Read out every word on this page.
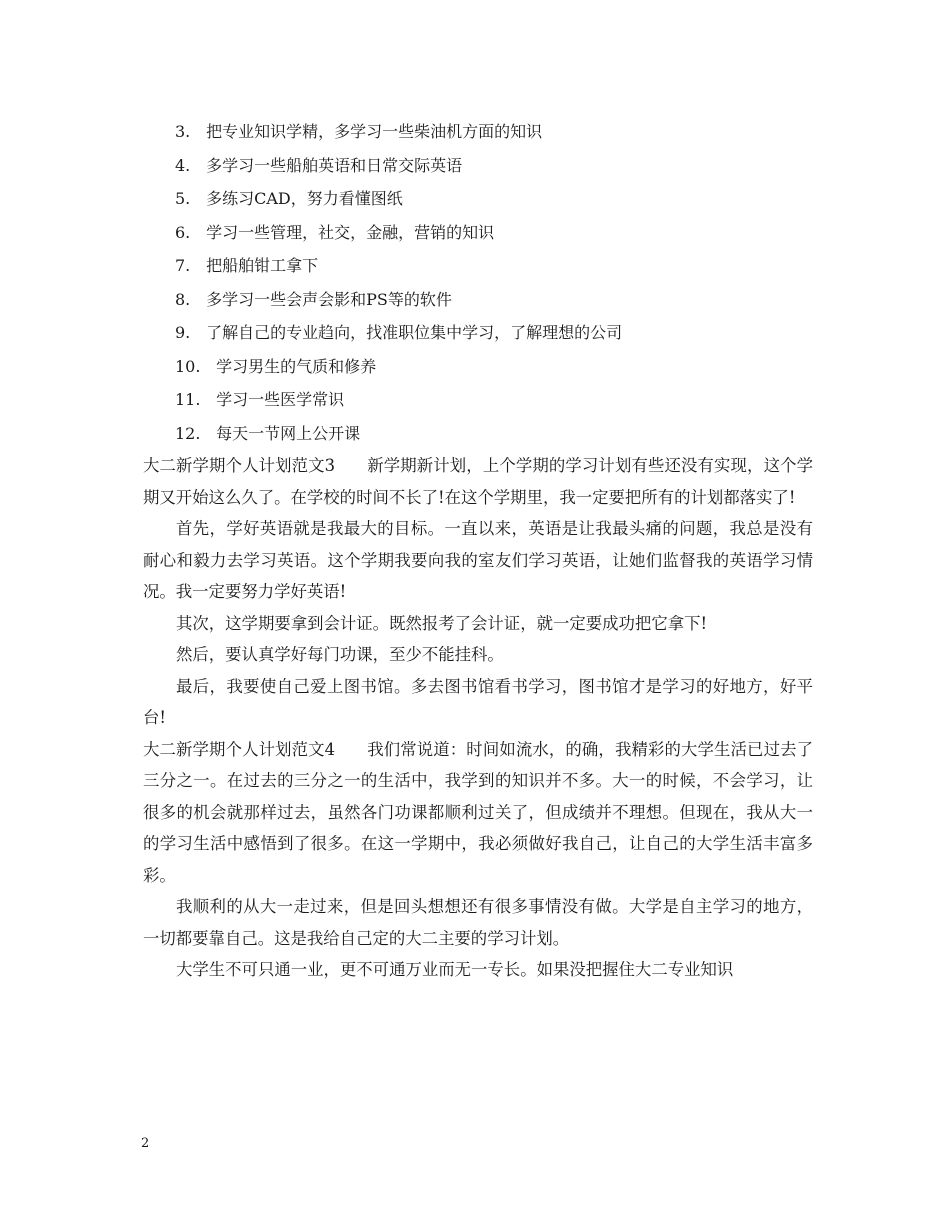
3. 把专业知识学精，多学习一些柴油机方面的知识
4. 多学习一些船舶英语和日常交际英语
5. 多练习CAD，努力看懂图纸
6. 学习一些管理，社交，金融，营销的知识
7. 把船舶钳工拿下
8. 多学习一些会声会影和PS等的软件
9. 了解自己的专业趋向，找准职位集中学习，了解理想的公司
10. 学习男生的气质和修养
11. 学习一些医学常识
12. 每天一节网上公开课

大二新学期个人计划范文3 新学期新计划，上个学期的学习计划有些还没有实现，这个学期又开始这么久了。在学校的时间不长了!在这个学期里，我一定要把所有的计划都落实了!

首先，学好英语就是我最大的目标。一直以来，英语是让我最头痛的问题，我总是没有耐心和毅力去学习英语。这个学期我要向我的室友们学习英语，让她们监督我的英语学习情况。我一定要努力学好英语!

其次，这学期要拿到会计证。既然报考了会计证，就一定要成功把它拿下!

然后，要认真学好每门功课，至少不能挂科。

最后，我要使自己爱上图书馆。多去图书馆看书学习，图书馆才是学习的好地方，好平台!

大二新学期个人计划范文4 我们常说道：时间如流水，的确，我精彩的大学生活已过去了三分之一。在过去的三分之一的生活中，我学到的知识并不多。大一的时候，不会学习，让很多的机会就那样过去，虽然各门功课都顺利过关了，但成绩并不理想。但现在，我从大一的学习生活中感悟到了很多。在这一学期中，我必须做好我自己，让自己的大学生活丰富多彩。

我顺利的从大一走过来，但是回头想想还有很多事情没有做。大学是自主学习的地方，一切都要靠自己。这是我给自己定的大二主要的学习计划。

大学生不可只通一业，更不可通万业而无一专长。如果没把握住大二专业知识

2
